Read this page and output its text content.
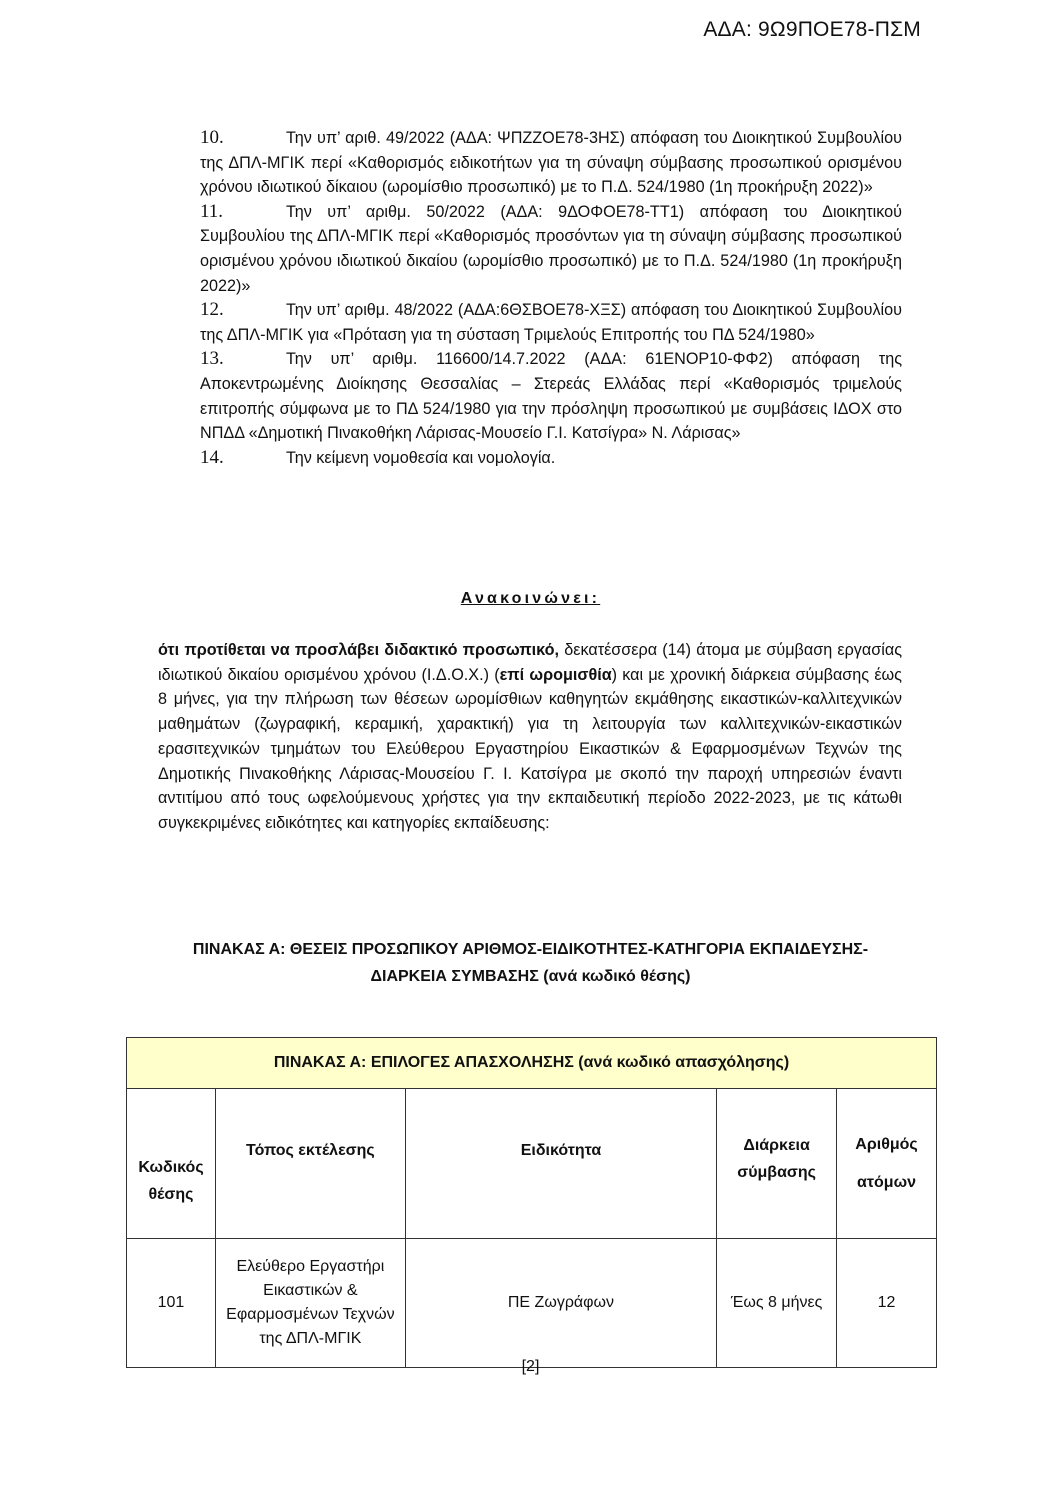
ΑΔΑ: 9Ω9ΠΟΕ78-ΠΣΜ
10.	Την υπ’ αριθ. 49/2022 (ΑΔΑ: ΨΠΖΖΟΕ78-3ΗΣ) απόφαση του Διοικητικού Συμβουλίου της ΔΠΛ-ΜΓΙΚ περί «Καθορισμός ειδικοτήτων για τη σύναψη σύμβασης προσωπικού ορισμένου χρόνου ιδιωτικού δίκαιου (ωρομίσθιο προσωπικό) με το Π.Δ. 524/1980 (1η προκήρυξη 2022)»
11.	Την υπ’ αριθμ. 50/2022 (ΑΔΑ: 9ΔΟΦΟΕ78-ΤΤ1) απόφαση του Διοικητικού Συμβουλίου της ΔΠΛ-ΜΓΙΚ περί «Καθορισμός προσόντων για τη σύναψη σύμβασης προσωπικού ορισμένου χρόνου ιδιωτικού δικαίου (ωρομίσθιο προσωπικό) με το Π.Δ. 524/1980 (1η προκήρυξη 2022)»
12.	Την υπ’ αριθμ. 48/2022 (ΑΔΑ:6ΘΣΒΟΕ78-ΧΞΣ) απόφαση του Διοικητικού Συμβουλίου της ΔΠΛ-ΜΓΙΚ για «Πρόταση για τη σύσταση Τριμελούς Επιτροπής του ΠΔ 524/1980»
13.	Την υπ’ αριθμ. 116600/14.7.2022 (ΑΔΑ: 61ΕΝΟΡ10-ΦΦ2) απόφαση της Αποκεντρωμένης Διοίκησης Θεσσαλίας – Στερεάς Ελλάδας περί «Καθορισμός τριμελούς επιτροπής σύμφωνα με το ΠΔ 524/1980 για την πρόσληψη προσωπικού με συμβάσεις ΙΔΟΧ στο ΝΠΔΔ «Δημοτική Πινακοθήκη Λάρισας-Μουσείο Γ.Ι. Κατσίγρα» Ν. Λάρισας»
14.	Την κείμενη νομοθεσία και νομολογία.
Ανακοινώνει:
ότι προτίθεται να προσλάβει διδακτικό προσωπικό, δεκατέσσερα (14) άτομα με σύμβαση εργασίας ιδιωτικού δικαίου ορισμένου χρόνου (Ι.Δ.Ο.Χ.) (επί ωρομισθία) και με χρονική διάρκεια σύμβασης έως 8 μήνες, για την πλήρωση των θέσεων ωρομίσθιων καθηγητών εκμάθησης εικαστικών-καλλιτεχνικών μαθημάτων (ζωγραφική, κεραμική, χαρακτική) για τη λειτουργία των καλλιτεχνικών-εικαστικών ερασιτεχνικών τμημάτων του Ελεύθερου Εργαστηρίου Εικαστικών & Εφαρμοσμένων Τεχνών της Δημοτικής Πινακοθήκης Λάρισας-Μουσείου Γ. Ι. Κατσίγρα με σκοπό την παροχή υπηρεσιών έναντι αντιτίμου από τους ωφελούμενους χρήστες για την εκπαιδευτική περίοδο 2022-2023, με τις κάτωθι συγκεκριμένες ειδικότητες και κατηγορίες εκπαίδευσης:
ΠΙΝΑΚΑΣ Α: ΘΕΣΕΙΣ ΠΡΟΣΩΠΙΚΟΥ ΑΡΙΘΜΟΣ-ΕΙΔΙΚΟΤΗΤΕΣ-ΚΑΤΗΓΟΡΙΑ ΕΚΠΑΙΔΕΥΣΗΣ-
ΔΙΑΡΚΕΙΑ ΣΥΜΒΑΣΗΣ (ανά κωδικό θέσης)
ΠΙΝΑΚΑΣ Α: ΕΠΙΛΟΓΕΣ ΑΠΑΣΧΟΛΗΣΗΣ (ανά κωδικό απασχόλησης)				
Κωδικός θέσης	Τόπος εκτέλεσης	Ειδικότητα	Διάρκεια σύμβασης	Αριθμός ατόμων
101	Ελεύθερο Εργαστήρι Εικαστικών & Εφαρμοσμένων Τεχνών της ΔΠΛ-ΜΓΙΚ	ΠΕ Ζωγράφων	Έως 8 μήνες	12
[2]
